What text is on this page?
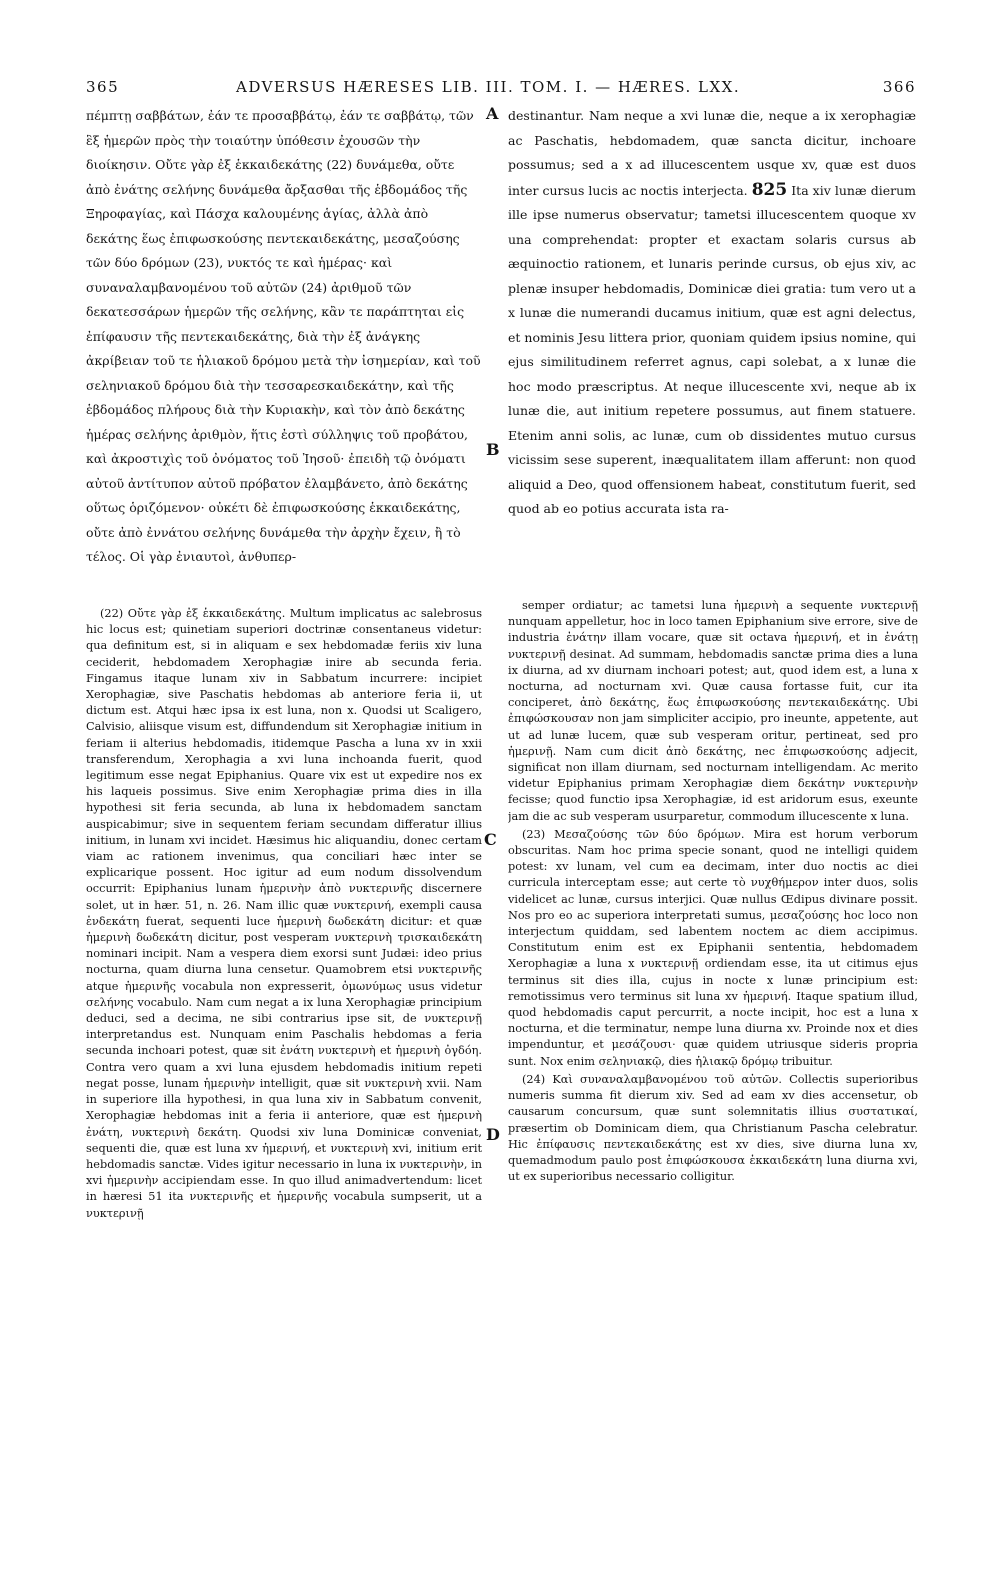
365	ADVERSUS HÆRESES LIB. III. TOM. I. — HÆRES. LXX.	366

πέμπτῃ σαββάτων, ἐάν τε προσαββάτῳ, ἐάν τε σαββάτῳ, τῶν ἓξ ἡμερῶν πρὸς τὴν τοιαύτην ὑπόθεσιν ἐχουσῶν τὴν διοίκησιν. Οὔτε γὰρ ἐξ ἑκκαιδεκάτης (22) δυνάμεθα, οὔτε ἀπὸ ἐνάτης σελήνης δυνάμεθα ἄρξασθαι τῆς ἑβδομάδος τῆς Ξηροφαγίας, καὶ Πάσχα καλουμένης ἁγίας, ἀλλὰ ἀπὸ δεκάτης ἕως ἐπιφωσκούσης πεντεκαιδεκάτης, μεσαζούσης τῶν δύο δρόμων (23), νυκτός τε καὶ ἡμέρας· καὶ συναναλαμβανομένου τοῦ αὐτῶν (24) ἀριθμοῦ τῶν δεκατεσσάρων ἡμερῶν τῆς σελήνης, κἂν τε παράπτηται εἰς ἐπίφαυσιν τῆς πεντεκαιδεκάτης, διὰ τὴν ἐξ ἀνάγκης ἀκρίβειαν τοῦ τε ἡλιακοῦ δρόμου μετὰ τὴν ἰσημερίαν, καὶ τοῦ σεληνιακοῦ δρόμου διὰ τὴν τεσσαρεσκαιδεκάτην, καὶ τῆς ἑβδομάδος πλήρους διὰ τὴν Κυριακὴν, καὶ τὸν ἀπὸ δεκάτης ἡμέρας σελήνης ἀριθμὸν, ἥτις ἐστὶ σύλληψις τοῦ προβάτου, καὶ ἀκροστιχὶς τοῦ ὀνόματος τοῦ Ἰησοῦ· ἐπειδὴ τῷ ὀνόματι αὐτοῦ ἀντίτυπον αὐτοῦ πρόβατον ἐλαμβάνετο, ἀπὸ δεκάτης οὕτως ὁριζόμενον· οὐκέτι δὲ ἐπιφωσκούσης ἑκκαιδεκάτης, οὔτε ἀπὸ ἐννάτου σελήνης δυνάμεθα τὴν ἀρχὴν ἔχειν, ἢ τὸ τέλος. Οἱ γὰρ ἐνιαυτοὶ, ἀνθυπερ-

destinantur. Nam neque a xvi lunæ die, neque a ix xerophagiæ ac Paschatis, hebdomadem, quæ sancta dicitur, inchoare possumus; sed a x ad illucescentem usque xv, quæ est duos inter cursus lucis ac noctis interjecta. 825 Ita xiv lunæ dierum ille ipse numerus observatur; tametsi illucescentem quoque xv una comprehendat: propter et exactam solaris cursus ab æquinoctio rationem, et lunaris perinde cursus, ob ejus xiv, ac plenæ insuper hebdomadis, Dominicæ diei gratia: tum vero ut a x lunæ die numerandi ducamus initium, quæ est agni delectus, et nominis Jesu littera prior, quoniam quidem ipsius nomine, qui ejus similitudinem referret agnus, capi solebat, a x lunæ die hoc modo præscriptus. At neque illucescente xvi, neque ab ix lunæ die, aut initium repetere possumus, aut finem statuere. Etenim anni solis, ac lunæ, cum ob dissidentes mutuo cursus vicissim sese superent, inæqualitatem illam afferunt: non quod aliquid a Deo, quod offensionem habeat, constitutum fuerit, sed quod ab eo potius accurata ista ra-

A
B
C
D

(22) Οὔτε γὰρ ἐξ ἑκκαιδεκάτης. Multum implicatus ac salebrosus hic locus est; quinetiam superiori doctrinæ consentaneus videtur: qua definitum est, si in aliquam e sex hebdomadæ feriis xiv luna ceciderit, hebdomadem Xerophagiæ inire ab secunda feria. Fingamus itaque lunam xiv in Sabbatum incurrere: incipiet Xerophagiæ, sive Paschatis hebdomas ab anteriore feria ii, ut dictum est. Atqui hæc ipsa ix est luna, non x. Quodsi ut Scaligero, Calvisio, aliisque visum est, diffundendum sit Xerophagiæ initium in feriam ii alterius hebdomadis, itidemque Pascha a luna xv in xxii transferendum, Xerophagia a xvi luna inchoanda fuerit, quod legitimum esse negat Epiphanius. Quare vix est ut expedire nos ex his laqueis possimus. Sive enim Xerophagiæ prima dies in illa hypothesi sit feria secunda, ab luna ix hebdomadem sanctam auspicabimur; sive in sequentem feriam secundam differatur illius initium, in lunam xvi incidet. Hæsimus hic aliquandiu, donec certam viam ac rationem invenimus, qua conciliari hæc inter se explicarique possent. Hoc igitur ad eum nodum dissolvendum occurrit: Epiphanius lunam ἡμερινὴν ἀπὸ νυκτερινῆς discernere solet, ut in hær. 51, n. 26. Nam illic quæ νυκτερινή, exempli causa ἑνδεκάτη fuerat, sequenti luce ἡμερινὴ δωδεκάτη dicitur: et quæ ἡμερινὴ δωδεκάτη dicitur, post vesperam νυκτερινὴ τρισκαιδεκάτη nominari incipit. Nam a vespera diem exorsi sunt Judæi: ideo prius nocturna, quam diurna luna censetur. Quamobrem etsi νυκτερινῆς atque ἡμερινῆς vocabula non expresserit, ὁμωνύμως usus videtur σελήνης vocabulo. Nam cum negat a ix luna Xerophagiæ principium deduci, sed a decima, ne sibi contrarius ipse sit, de νυκτερινῇ interpretandus est. Nunquam enim Paschalis hebdomas a feria secunda inchoari potest, quæ sit ἐνάτη νυκτερινὴ et ἡμερινὴ ὀγδόη. Contra vero quam a xvi luna ejusdem hebdomadis initium repeti negat posse, lunam ἡμερινὴν intelligit, quæ sit νυκτερινὴ xvii. Nam in superiore illa hypothesi, in qua luna xiv in Sabbatum convenit, Xerophagiæ hebdomas init a feria ii anteriore, quæ est ἡμερινὴ ἐνάτη, νυκτερινὴ δεκάτη. Quodsi xiv luna Dominicæ conveniat, sequenti die, quæ est luna xv ἡμερινή, et νυκτερινὴ xvi, initium erit hebdomadis sanctæ. Vides igitur necessario in luna ix νυκτερινὴν, in xvi ἡμερινὴν accipiendam esse. In quo illud animadvertendum: licet in hæresi 51 ita νυκτερινῆς et ἡμερινῆς vocabula sumpserit, ut a νυκτερινῇ

semper ordiatur; ac tametsi luna ἡμερινὴ a sequente νυκτερινῇ nunquam appelletur, hoc in loco tamen Epiphanium sive errore, sive de industria ἐνάτην illam vocare, quæ sit octava ἡμερινή, et in ἐνάτῃ νυκτερινῇ desinat. Ad summam, hebdomadis sanctæ prima dies a luna ix diurna, ad xv diurnam inchoari potest; aut, quod idem est, a luna x nocturna, ad nocturnam xvi. Quæ causa fortasse fuit, cur ita conciperet, ἀπὸ δεκάτης, ἕως ἐπιφωσκούσης πεντεκαιδεκάτης. Ubi ἐπιφώσκουσαν non jam simpliciter accipio, pro ineunte, appetente, aut ut ad lunæ lucem, quæ sub vesperam oritur, pertineat, sed pro ἡμερινῇ. Nam cum dicit ἀπὸ δεκάτης, nec ἐπιφωσκούσης adjecit, significat non illam diurnam, sed nocturnam intelligendam. Ac merito videtur Epiphanius primam Xerophagiæ diem δεκάτην νυκτερινὴν fecisse; quod functio ipsa Xerophagiæ, id est aridorum esus, exeunte jam die ac sub vesperam usurparetur, commodum illucescente x luna.

(23) Μεσαζούσης τῶν δύο δρόμων. Mira est horum verborum obscuritas. Nam hoc prima specie sonant, quod ne intelligi quidem potest: xv lunam, vel cum ea decimam, inter duo noctis ac diei curricula interceptam esse; aut certe τὸ νυχθήμερον inter duos, solis videlicet ac lunæ, cursus interjici. Quæ nullus Œdipus divinare possit. Nos pro eo ac superiora interpretati sumus, μεσαζούσης hoc loco non interjectum quiddam, sed labentem noctem ac diem accipimus. Constitutum enim est ex Epiphanii sententia, hebdomadem Xerophagiæ a luna x νυκτερινῇ ordiendam esse, ita ut citimus ejus terminus sit dies illa, cujus in nocte x lunæ principium est: remotissimus vero terminus sit luna xv ἡμερινή. Itaque spatium illud, quod hebdomadis caput percurrit, a nocte incipit, hoc est a luna x nocturna, et die terminatur, nempe luna diurna xv. Proinde nox et dies impenduntur, et μεσάζουσι· quæ quidem utriusque sideris propria sunt. Nox enim σεληνιακῷ, dies ἡλιακῷ δρόμῳ tribuitur.

(24) Καὶ συναναλαμβανομένου τοῦ αὐτῶν. Collectis superioribus numeris summa fit dierum xiv. Sed ad eam xv dies accensetur, ob causarum concursum, quæ sunt solemnitatis illius συστατικαί, præsertim ob Dominicam diem, qua Christianum Pascha celebratur. Hic ἐπίφαυσις πεντεκαιδεκάτης est xv dies, sive diurna luna xv, quemadmodum paulo post ἐπιφώσκουσα ἑκκαιδεκάτη luna diurna xvi, ut ex superioribus necessario colligitur.
